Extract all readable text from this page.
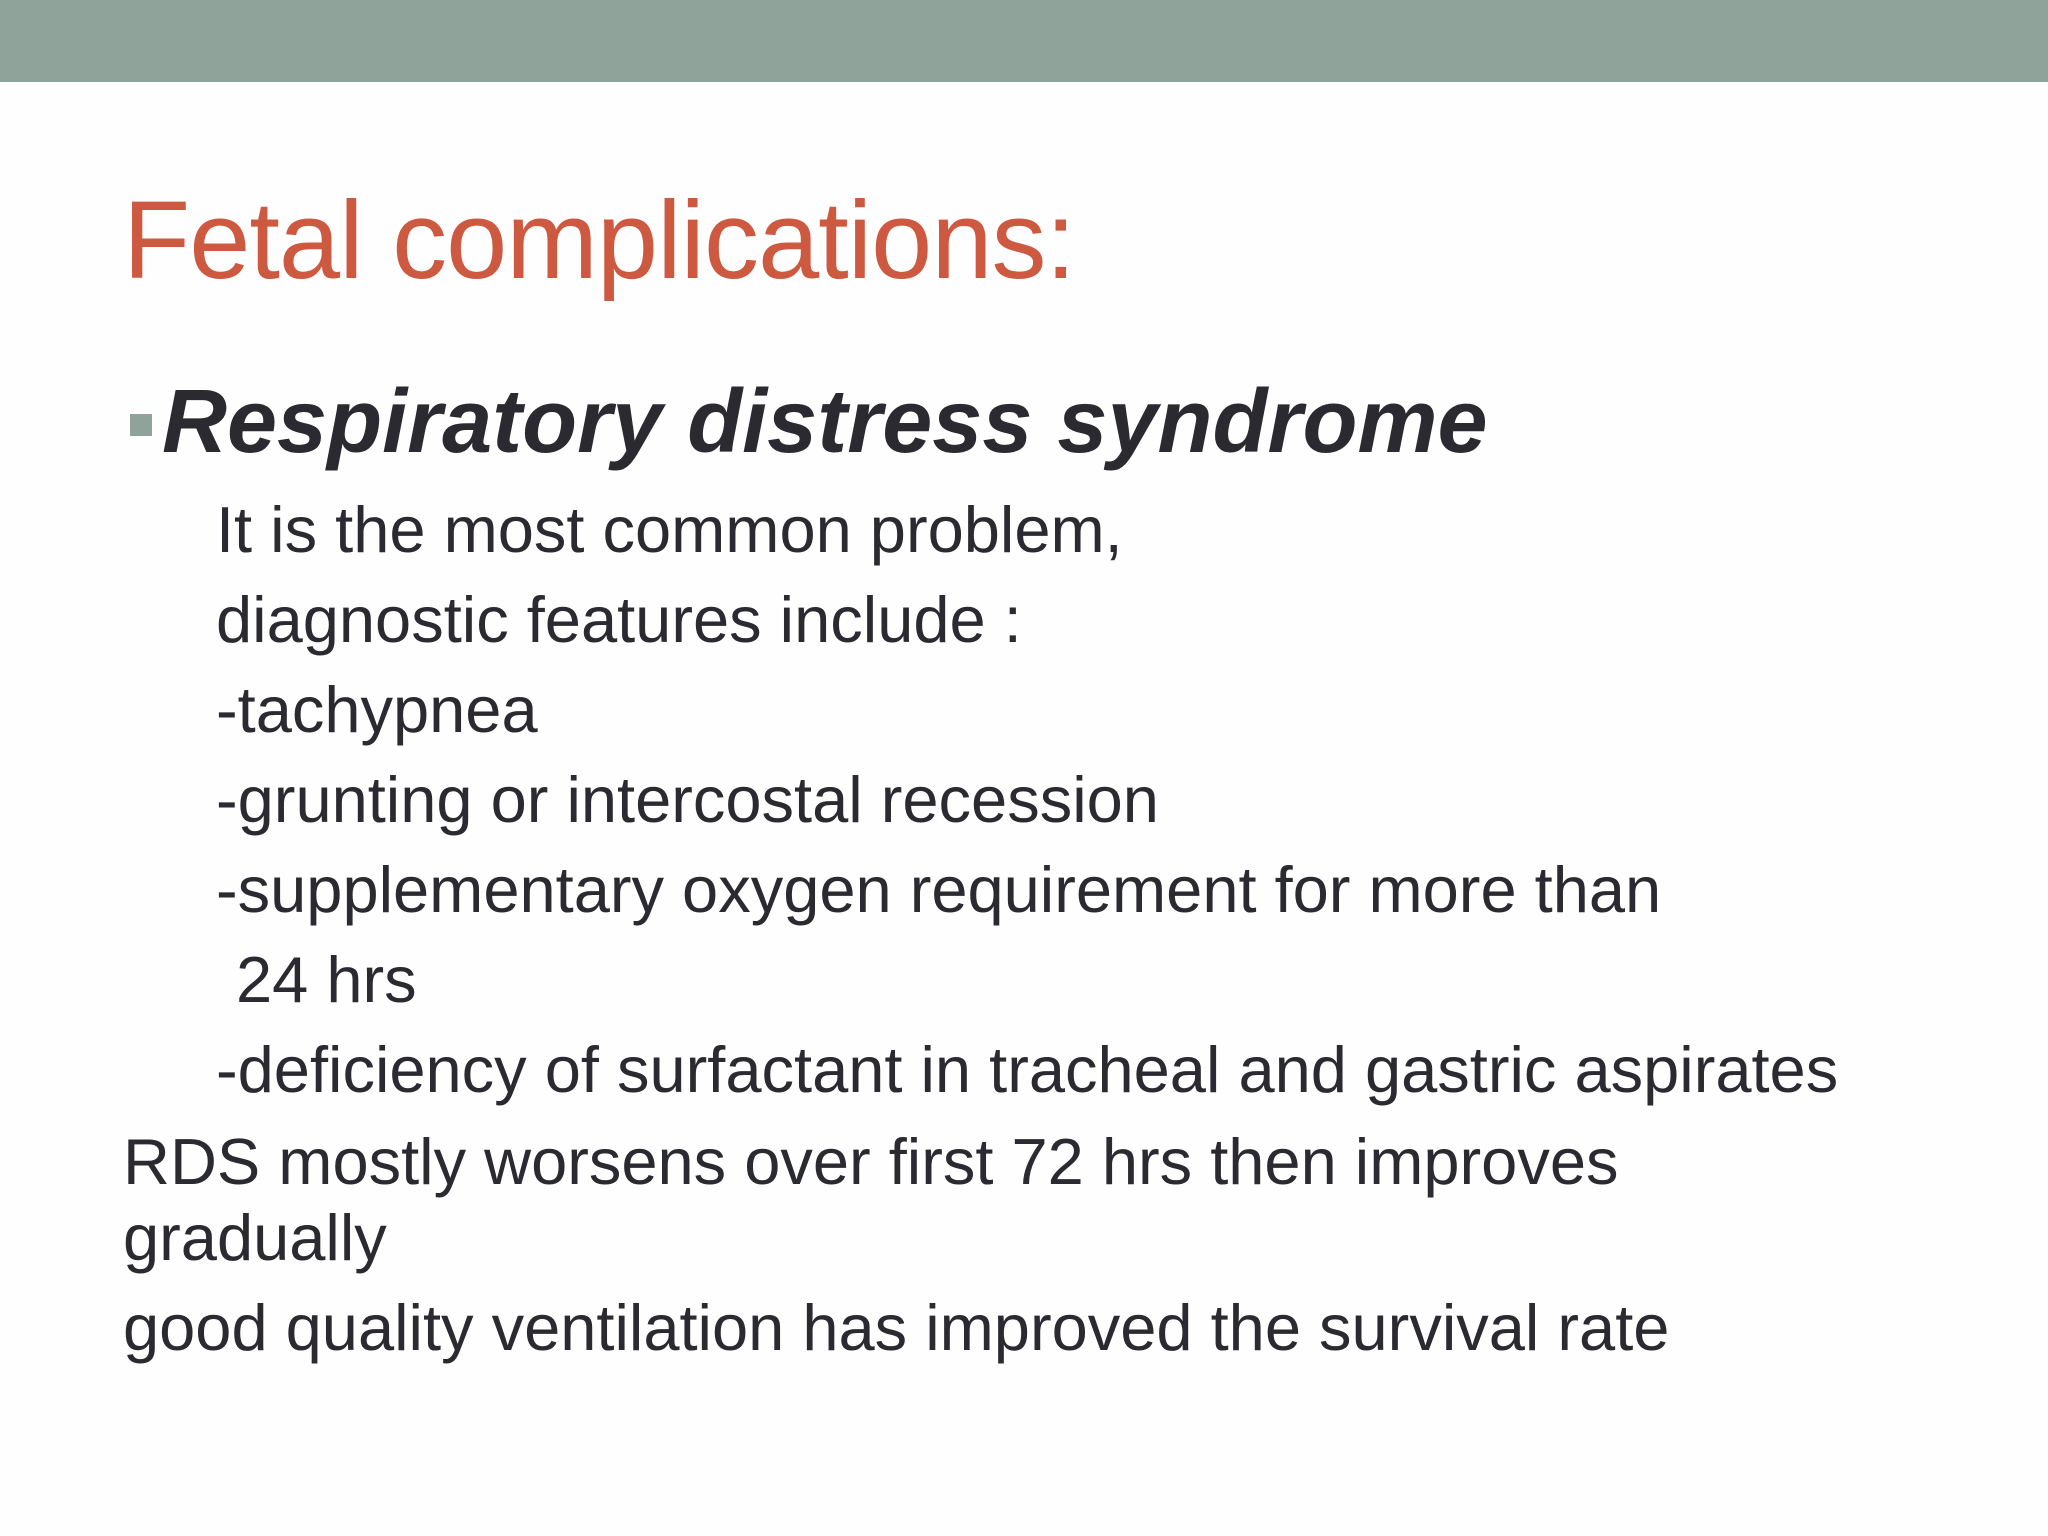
Fetal complications:
Respiratory distress syndrome

It is the most common problem,

diagnostic features include :

-tachypnea

-grunting or intercostal recession

-supplementary oxygen requirement for more than

24 hrs

-deficiency of surfactant in tracheal and gastric aspirates

RDS mostly worsens over first 72 hrs then improves

gradually

good quality ventilation has improved the survival rate
